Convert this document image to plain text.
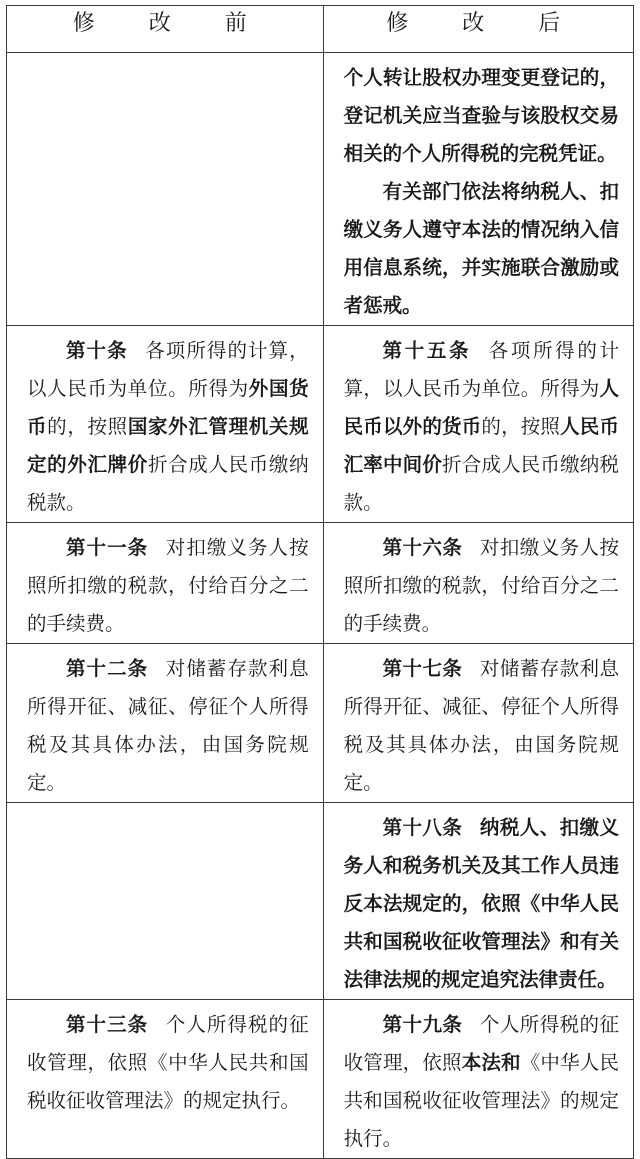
修　改　前	修　改　后

	个人转让股权办理变更登记的，登记机关应当查验与该股权交易相关的个人所得税的完税凭证。

有关部门依法将纳税人、扣缴义务人遵守本法的情况纳入信用信息系统，并实施联合激励或者惩戒。

第十条 各项所得的计算，以人民币为单位。所得为外国货币的，按照国家外汇管理机关规定的外汇牌价折合成人民币缴纳税款。	第十五条 各项所得的计算，以人民币为单位。所得为人民币以外的货币的，按照人民币汇率中间价折合成人民币缴纳税款。

第十一条 对扣缴义务人按照所扣缴的税款，付给百分之二的手续费。	第十六条 对扣缴义务人按照所扣缴的税款，付给百分之二的手续费。

第十二条 对储蓄存款利息所得开征、减征、停征个人所得税及其具体办法，由国务院规定。	第十七条 对储蓄存款利息所得开征、减征、停征个人所得税及其具体办法，由国务院规定。

	第十八条 纳税人、扣缴义务人和税务机关及其工作人员违反本法规定的，依照《中华人民共和国税收征收管理法》和有关法律法规的规定追究法律责任。

第十三条 个人所得税的征收管理，依照《中华人民共和国税收征收管理法》的规定执行。	第十九条 个人所得税的征收管理，依照本法和《中华人民共和国税收征收管理法》的规定执行。
